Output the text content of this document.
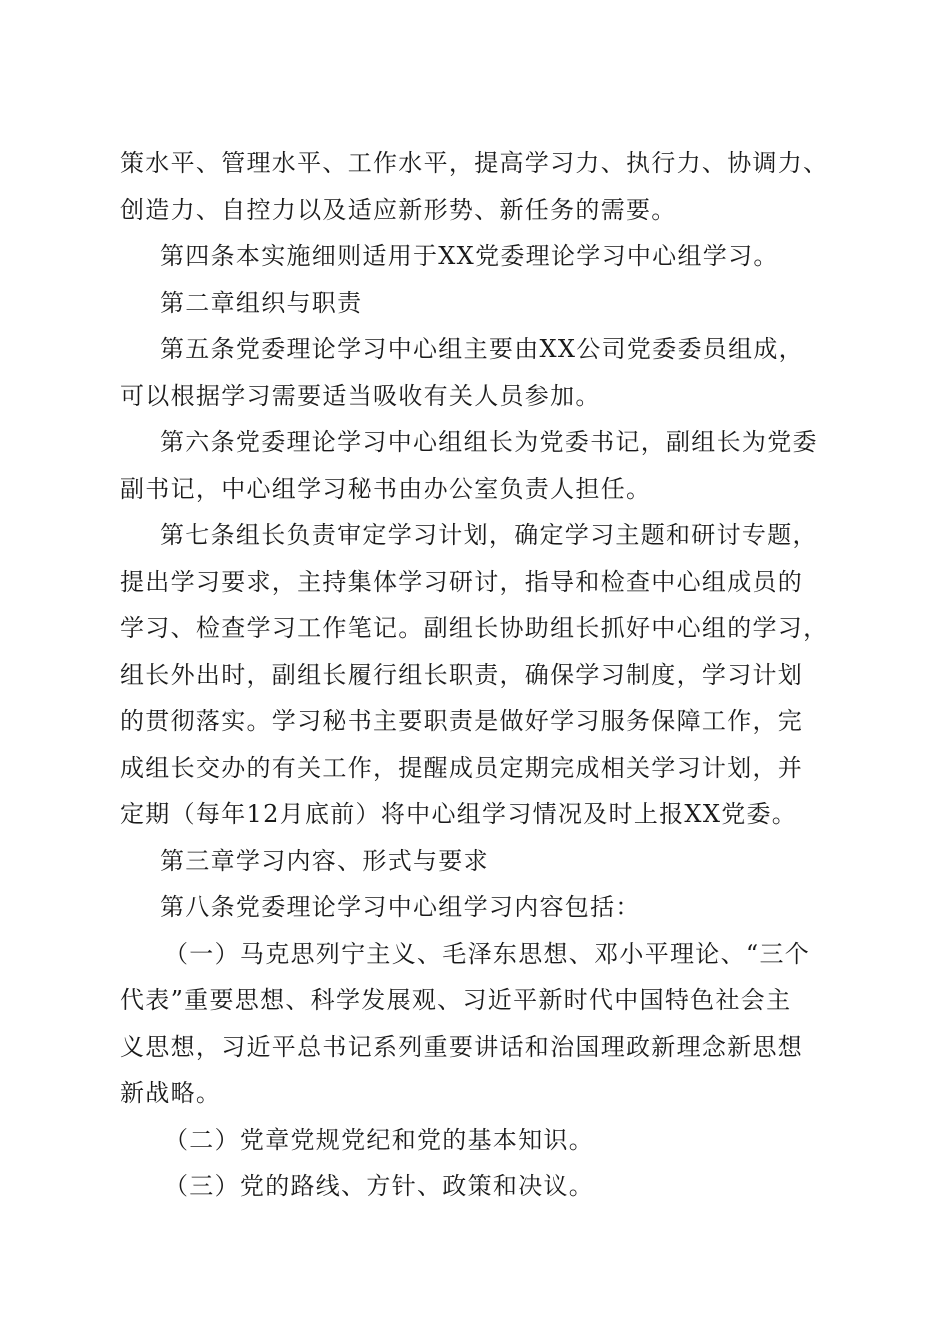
策水平、管理水平、工作水平，提高学习力、执行力、协调力、
创造力、自控力以及适应新形势、新任务的需要。
第四条本实施细则适用于XX党委理论学习中心组学习。
第二章组织与职责
第五条党委理论学习中心组主要由XX公司党委委员组成，
可以根据学习需要适当吸收有关人员参加。
第六条党委理论学习中心组组长为党委书记，副组长为党委
副书记，中心组学习秘书由办公室负责人担任。
第七条组长负责审定学习计划，确定学习主题和研讨专题，
提出学习要求，主持集体学习研讨，指导和检查中心组成员的
学习、检查学习工作笔记。副组长协助组长抓好中心组的学习，
组长外出时，副组长履行组长职责，确保学习制度，学习计划
的贯彻落实。学习秘书主要职责是做好学习服务保障工作，完
成组长交办的有关工作，提醒成员定期完成相关学习计划，并
定期（每年12月底前）将中心组学习情况及时上报XX党委。
第三章学习内容、形式与要求
第八条党委理论学习中心组学习内容包括：
（一）马克思列宁主义、毛泽东思想、邓小平理论、“三个
代表”重要思想、科学发展观、习近平新时代中国特色社会主
义思想，习近平总书记系列重要讲话和治国理政新理念新思想
新战略。
（二）党章党规党纪和党的基本知识。
（三）党的路线、方针、政策和决议。
